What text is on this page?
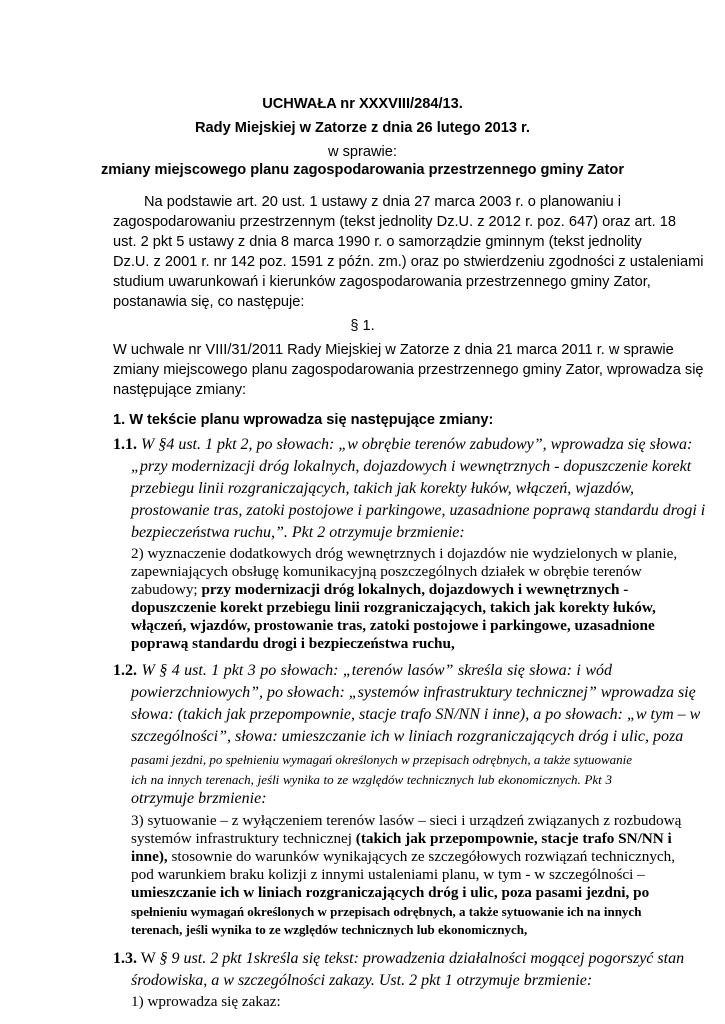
UCHWAŁA nr XXXVIII/284/13.
Rady Miejskiej w Zatorze z dnia 26 lutego 2013 r.
w sprawie:
zmiany miejscowego planu zagospodarowania przestrzennego gminy Zator
Na podstawie art. 20 ust. 1 ustawy z dnia 27 marca 2003 r. o planowaniu i
zagospodarowaniu przestrzennym (tekst jednolity Dz.U. z 2012 r. poz. 647) oraz art. 18
ust. 2 pkt 5 ustawy z dnia 8 marca 1990 r. o samorządzie gminnym (tekst jednolity
Dz.U. z 2001 r. nr 142 poz. 1591 z późn. zm.) oraz po stwierdzeniu zgodności z ustaleniami
studium uwarunkowań i kierunków zagospodarowania przestrzennego gminy Zator,
postanawia się, co następuje:
§ 1.
W uchwale nr VIII/31/2011 Rady Miejskiej w Zatorze z dnia 21 marca 2011 r. w sprawie
zmiany miejscowego planu zagospodarowania przestrzennego gminy Zator, wprowadza się
następujące zmiany:
1. W tekście planu wprowadza się następujące zmiany:
1.1. W §4 ust. 1 pkt 2, po słowach: „w obrębie terenów zabudowy”, wprowadza się słowa:
„przy modernizacji dróg lokalnych, dojazdowych i wewnętrznych - dopuszczenie korekt
przebiegu linii rozgraniczających, takich jak korekty łuków, włączeń, wjazdów,
prostowanie tras, zatoki postojowe i parkingowe, uzasadnione poprawą standardu drogi i
bezpieczeństwa ruchu,”. Pkt 2 otrzymuje brzmienie:
2) wyznaczenie dodatkowych dróg wewnętrznych i dojazdów nie wydzielonych w planie,
zapewniających obsługę komunikacyjną poszczególnych działek w obrębie terenów
zabudowy; przy modernizacji dróg lokalnych, dojazdowych i wewnętrznych -
dopuszczenie korekt przebiegu linii rozgraniczających, takich jak korekty łuków,
włączeń, wjazdów, prostowanie tras, zatoki postojowe i parkingowe, uzasadnione
poprawą standardu drogi i bezpieczeństwa ruchu,
1.2. W § 4 ust. 1 pkt 3 po słowach: „terenów lasów” skreśla się słowa: i wód
powierzchniowych”, po słowach: „systemów infrastruktury technicznej” wprowadza się
słowa: (takich jak przepompownie, stacje trafo SN/NN i inne), a po słowach: „w tym – w
szczególności”, słowa: umieszczanie ich w liniach rozgraniczających dróg i ulic, poza
pasami jezdni, po spełnieniu wymagań określonych w przepisach odrębnych, a także sytuowanie
ich na innych terenach, jeśli wynika to ze względów technicznych lub ekonomicznych. Pkt 3
otrzymuje brzmienie:
3) sytuowanie – z wyłączeniem terenów lasów – sieci i urządzeń związanych z rozbudową
systemów infrastruktury technicznej (takich jak przepompownie, stacje trafo SN/NN i
inne), stosownie do warunków wynikających ze szczegółowych rozwiązań technicznych,
pod warunkiem braku kolizji z innymi ustaleniami planu, w tym - w szczególności –
umieszczanie ich w liniach rozgraniczających dróg i ulic, poza pasami jezdni, po
spełnieniu wymagań określonych w przepisach odrębnych, a także sytuowanie ich na innych
terenach, jeśli wynika to ze względów technicznych lub ekonomicznych,
1.3. W § 9 ust. 2 pkt 1skreśla się tekst: prowadzenia działalności mogącej pogorszyć stan
środowiska, a w szczególności zakazy. Ust. 2 pkt 1 otrzymuje brzmienie:
1) wprowadza się zakaz:
